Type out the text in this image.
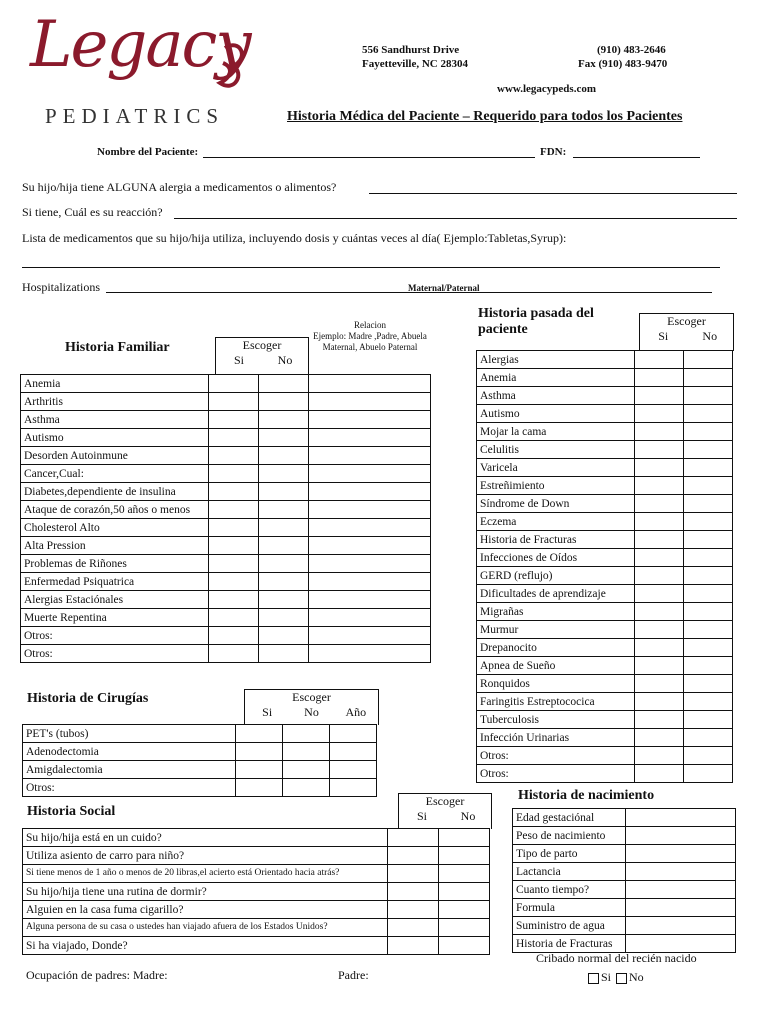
Legacy
PEDIATRICS
556 Sandhurst Drive
Fayetteville, NC 28304
(910) 483-2646
Fax (910) 483-9470
www.legacypeds.com
Historia Médica del Paciente – Requerido para todos los Pacientes
Nombre del Paciente:	FDN:
Su hijo/hija tiene ALGUNA alergia a medicamentos o alimentos?
Si tiene, Cuál es su reacción?
Lista de medicamentos que su hijo/hija utiliza, incluyendo dosis y cuántas veces al día( Ejemplo:Tabletas,Syrup):
Hospitalizations	Maternal/Paternal
Historia Familiar	Escoger
Si	No
Relacion
Ejemplo: Madre ,Padre, Abuela Maternal, Abuelo Paternal
Anemia			
Arthritis			
Asthma			
Autismo			
Desorden Autoinmune			
Cancer,Cual:			
Diabetes,dependiente de insulina			
Ataque de corazón,50 años o menos			
Cholesterol Alto			
Alta Pression			
Problemas de Riñones			
Enfermedad Psiquatrica			
Alergias Estaciónales			
Muerte Repentina			
Otros:			
Otros:			
Historia pasada del paciente
Escoger
Si	No
Alergias		
Anemia		
Asthma		
Autismo		
Mojar la cama		
Celulitis		
Varicela		
Estreñimiento		
Síndrome de Down		
Eczema		
Historia de Fracturas		
Infecciones de Oídos		
GERD (reflujo)		
Dificultades de aprendizaje		
Migrañas		
Murmur		
Drepanocito		
Apnea de Sueño		
Ronquidos		
Faringitis Estreptococica		
Tuberculosis		
Infección Urinarias		
Otros:		
Otros:		
Historia de Cirugías	Escoger
Si	No	Año
PET's (tubos)			
Adenodectomia			
Amigdalectomia			
Otros:			
Historia Social
Escoger
Si	No
Su hijo/hija está en un cuido?		
Utiliza asiento de carro para niño?		
Si tiene menos de 1 año o menos de 20 libras,el acierto está Orientado hacia atrás?		
Su hijo/hija tiene una rutina de dormir?		
Alguien en la casa fuma cigarillo?		
Alguna persona de su casa o ustedes han viajado afuera de los Estados Unidos?		
Si ha viajado, Donde?		
Ocupación de padres: Madre:	Padre:
Historia de nacimiento
Edad gestaciónal	
Peso de nacimiento	
Tipo de parto	
Lactancia	
Cuanto tiempo?	
Formula	
Suministro de agua	
Historia de Fracturas	
Cribado normal del recién nacido
Si No
